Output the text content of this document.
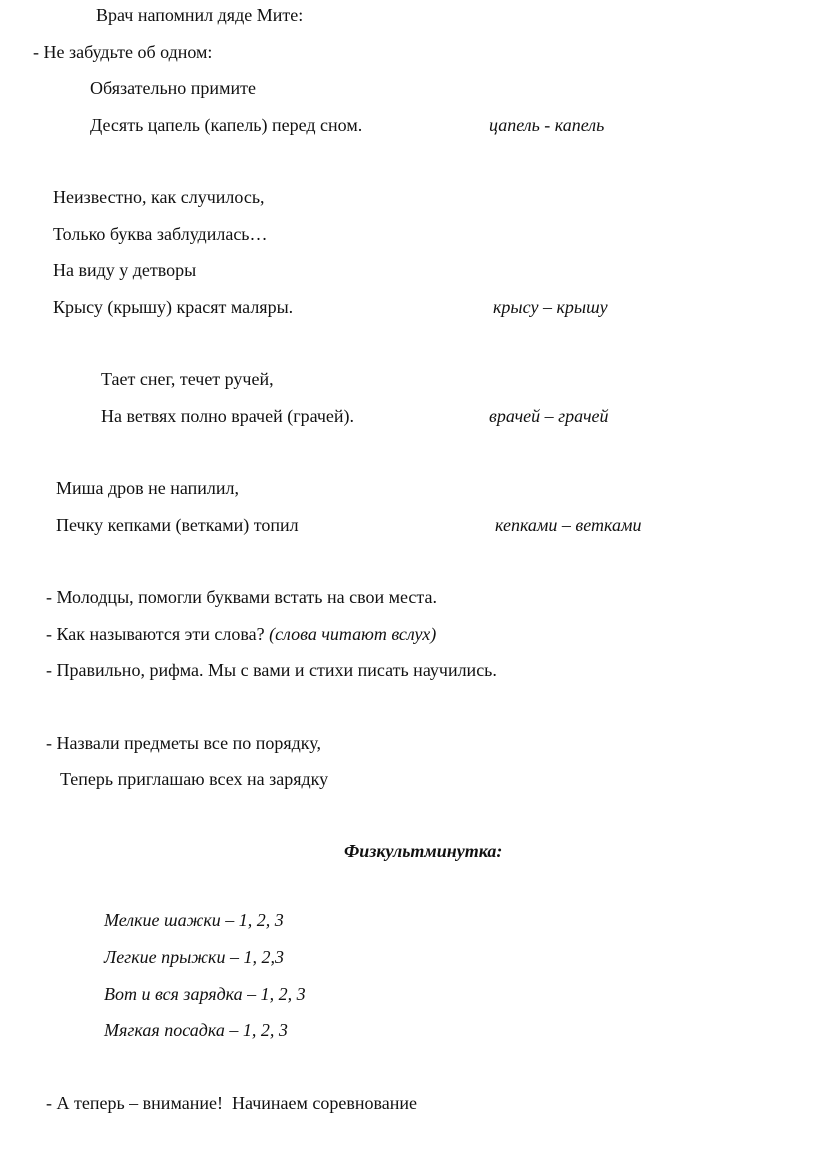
Врач напомнил дяде Мите:
- Не забудьте об одном:
Обязательно примите
Десять цапель (капель) перед сном.	цапель - капель
Неизвестно, как случилось,
Только буква заблудилась…
На виду у детворы
Крысу (крышу) красят маляры.	крысу – крышу
Тает снег, течет ручей,
На ветвях полно врачей (грачей).	врачей – грачей
Миша дров не напилил,
Печку кепками (ветками) топил	кепками – ветками
- Молодцы, помогли буквами встать на свои места.
- Как называются эти слова? (слова читают вслух)
- Правильно, рифма. Мы с вами и стихи писать научились.
- Назвали предметы все по порядку,
Теперь приглашаю всех на зарядку
Физкультминутка:
Мелкие шажки – 1, 2, 3
Легкие прыжки – 1, 2,3
Вот и вся зарядка – 1, 2, 3
Мягкая посадка – 1, 2, 3
- А теперь – внимание!  Начинаем соревнование
